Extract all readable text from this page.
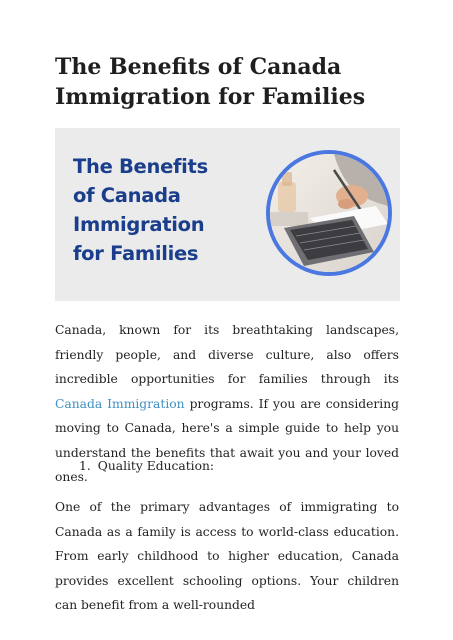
The Benefits of Canada Immigration for Families
The Benefits
of Canada
Immigration
for Families

Canada, known for its breathtaking landscapes, friendly people, and diverse culture, also offers incredible opportunities for families through its Canada Immigration programs. If you are considering moving to Canada, here's a simple guide to help you understand the benefits that await you and your loved ones.

1. Quality Education:

One of the primary advantages of immigrating to Canada as a family is access to world-class education. From early childhood to higher education, Canada provides excellent schooling options. Your children can benefit from a well-rounded
